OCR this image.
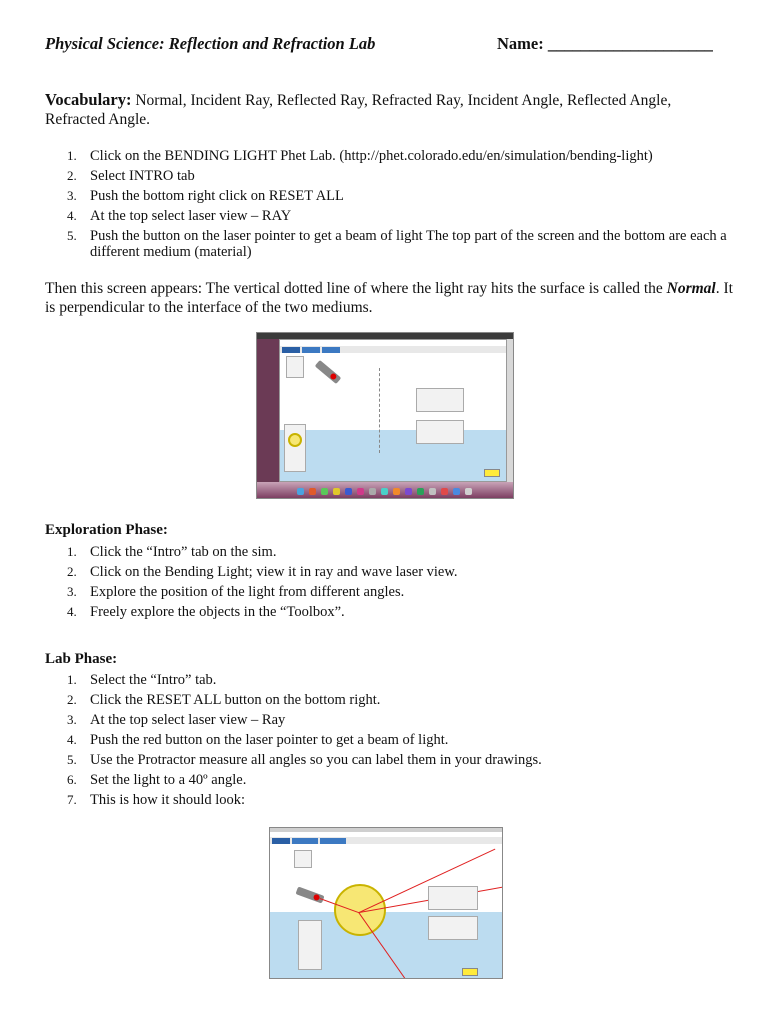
Physical Science: Reflection and Refraction Lab	Name: ____________________
Vocabulary: Normal, Incident Ray, Reflected Ray, Refracted Ray, Incident Angle, Reflected Angle, Refracted Angle.
1. Click on the BENDING LIGHT Phet Lab. (http://phet.colorado.edu/en/simulation/bending-light)
2. Select INTRO tab
3. Push the bottom right click on RESET ALL
4. At the top select laser view – RAY
5. Push the button on the laser pointer to get a beam of light The top part of the screen and the bottom are each a different medium (material)
Then this screen appears: The vertical dotted line of where the light ray hits the surface is called the Normal. It is perpendicular to the interface of the two mediums.
Exploration Phase:
1. Click the “Intro” tab on the sim.
2. Click on the Bending Light; view it in ray and wave laser view.
3. Explore the position of the light from different angles.
4. Freely explore the objects in the “Toolbox”.
Lab Phase:
1. Select the “Intro” tab.
2. Click the RESET ALL button on the bottom right.
3. At the top select laser view – Ray
4. Push the red button on the laser pointer to get a beam of light.
5. Use the Protractor measure all angles so you can label them in your drawings.
6. Set the light to a 40º angle.
7. This is how it should look:
